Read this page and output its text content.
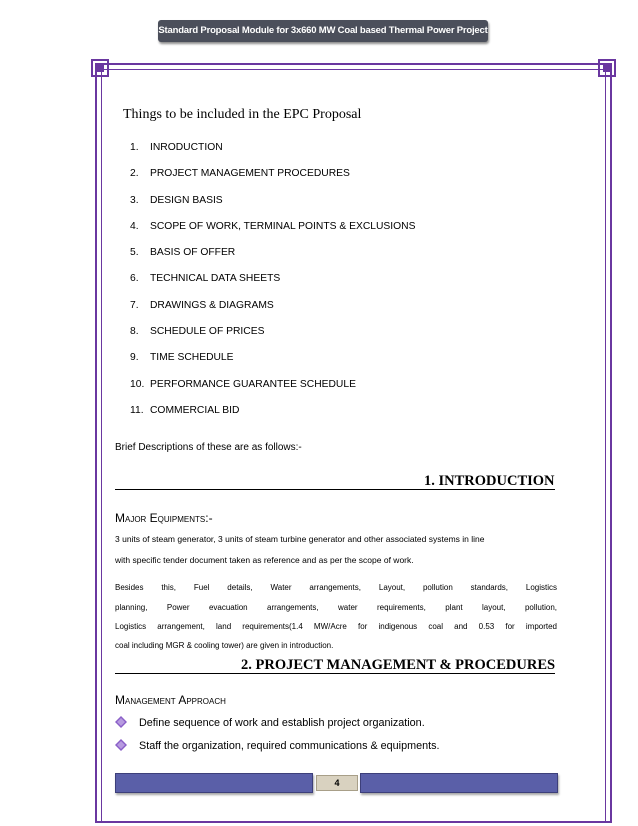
Standard Proposal Module for 3x660 MW Coal based Thermal Power Project
Things to be included in the EPC Proposal
1. INRODUCTION
2. PROJECT MANAGEMENT PROCEDURES
3. DESIGN BASIS
4. SCOPE OF WORK, TERMINAL POINTS & EXCLUSIONS
5. BASIS OF OFFER
6. TECHNICAL DATA SHEETS
7. DRAWINGS & DIAGRAMS
8. SCHEDULE OF PRICES
9. TIME SCHEDULE
10. PERFORMANCE GUARANTEE SCHEDULE
11. COMMERCIAL BID
Brief Descriptions of these are as follows:-
1. INTRODUCTION
Major Equipments:-
3 units of steam generator, 3 units of steam turbine generator and other associated systems in line
with specific tender document taken as reference and as per the scope of work.
Besides this, Fuel details, Water arrangements, Layout, pollution standards, Logistics
planning, Power evacuation arrangements, water requirements, plant layout, pollution,
Logistics arrangement, land requirements(1.4 MW/Acre for indigenous coal and 0.53 for imported
coal including MGR & cooling tower) are given in introduction.
2. PROJECT MANAGEMENT & PROCEDURES
Management Approach
Define sequence of work and establish project organization.
Staff the organization, required communications & equipments.
4
